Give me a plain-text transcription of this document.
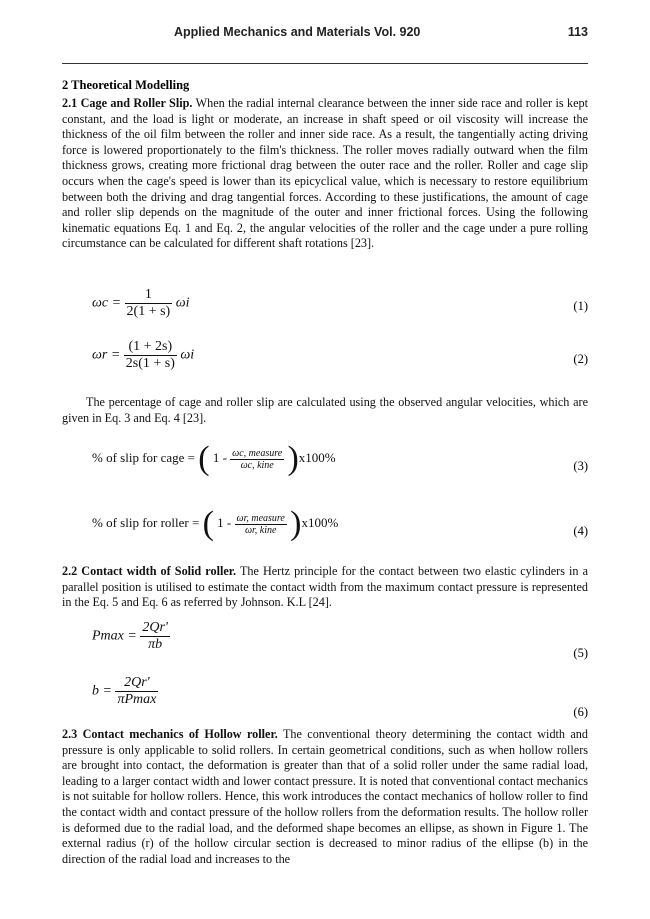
Applied Mechanics and Materials Vol. 920	113
2 Theoretical Modelling
2.1 Cage and Roller Slip. When the radial internal clearance between the inner side race and roller is kept constant, and the load is light or moderate, an increase in shaft speed or oil viscosity will increase the thickness of the oil film between the roller and inner side race. As a result, the tangentially acting driving force is lowered proportionately to the film's thickness. The roller moves radially outward when the film thickness grows, creating more frictional drag between the outer race and the roller. Roller and cage slip occurs when the cage's speed is lower than its epicyclical value, which is necessary to restore equilibrium between both the driving and drag tangential forces. According to these justifications, the amount of cage and roller slip depends on the magnitude of the outer and inner frictional forces. Using the following kinematic equations Eq. 1 and Eq. 2, the angular velocities of the roller and the cage under a pure rolling circumstance can be calculated for different shaft rotations [23].
$\omega c = \frac{1}{2(1 + s)}$ ωi	(1)
$\omega r = \frac{(1 + 2s)}{2s(1 + s)}$ ωi	(2)
The percentage of cage and roller slip are calculated using the observed angular velocities, which are given in Eq. 3 and Eq. 4 [23].
% of slip for cage = ( $1 - \frac{\text{ωc, measure}}{\text{ωc, kine}} )x100\%$
(3)
% of slip for roller = ( $1 - \frac{\text{ωr, measure}}{\text{ωr, kine}} )x100\%$
(4)
2.2 Contact width of Solid roller. The Hertz principle for the contact between two elastic cylinders in a parallel position is utilised to estimate the contact width from the maximum contact pressure is represented in the Eq. 5 and Eq. 6 as referred by Johnson. K.L [24].
$Pmax = \frac{2Qr'}{\pi b}$	(5)
$b = \frac{2Qr'}{\pi Pmax}$
(6)
2.3 Contact mechanics of Hollow roller. The conventional theory determining the contact width and pressure is only applicable to solid rollers. In certain geometrical conditions, such as when hollow rollers are brought into contact, the deformation is greater than that of a solid roller under the same radial load, leading to a larger contact width and lower contact pressure. It is noted that conventional contact mechanics is not suitable for hollow rollers. Hence, this work introduces the contact mechanics of hollow roller to find the contact width and contact pressure of the hollow rollers from the deformation results. The hollow roller is deformed due to the radial load, and the deformed shape becomes an ellipse, as shown in Figure 1. The external radius (r) of the hollow circular section is decreased to minor radius of the ellipse (b) in the direction of the radial load and increases to the
